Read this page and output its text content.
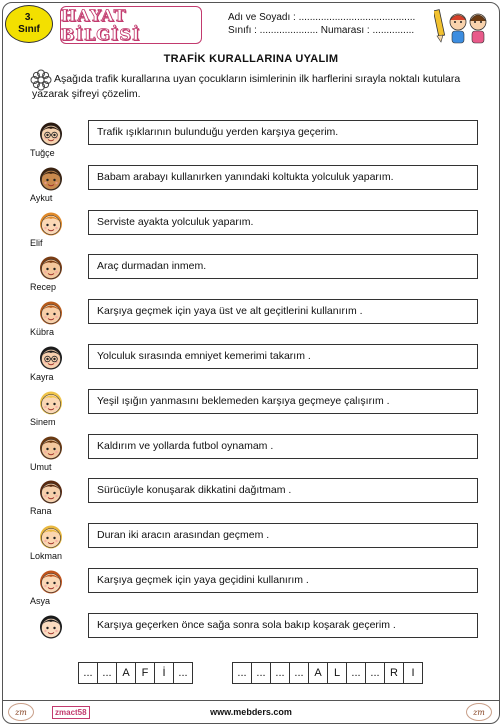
3.
Sınıf
HAYAT BİLGİSİ
Adı ve Soyadı : ..........................................
Sınıfı : ..................... Numarası : ...............
TRAFİK KURALLARINA UYALIM
Aşağıda trafik kurallarına uyan çocukların isimlerinin ilk harflerini sırayla noktalı kutulara yazarak şifreyi çözelim.
Tuğçe
Trafik ışıklarının bulunduğu yerden karşıya geçerim.
Aykut
Babam arabayı kullanırken yanındaki koltukta yolculuk yaparım.
Elif
Serviste ayakta yolculuk yaparım.
Recep
Araç durmadan inmem.
Kübra
Karşıya geçmek için yaya üst ve alt geçitlerini kullanırım .
Kayra
Yolculuk sırasında emniyet kemerimi takarım .
Sinem
Yeşil ışığın yanmasını beklemeden karşıya geçmeye çalışırım .
Umut
Kaldırım ve yollarda futbol oynamam .
Rana
Sürücüyle konuşarak dikkatini dağıtmam .
Lokman
Duran iki aracın arasından geçmem .
Asya
Karşıya geçmek için yaya geçidini kullanırım .
Karşıya geçerken önce sağa sonra sola bakıp koşarak geçerim .
... ... A	F	İ	...	... ... ... ... A	L	... ... R	I
zm	zmact58	www.mebders.com	zm
